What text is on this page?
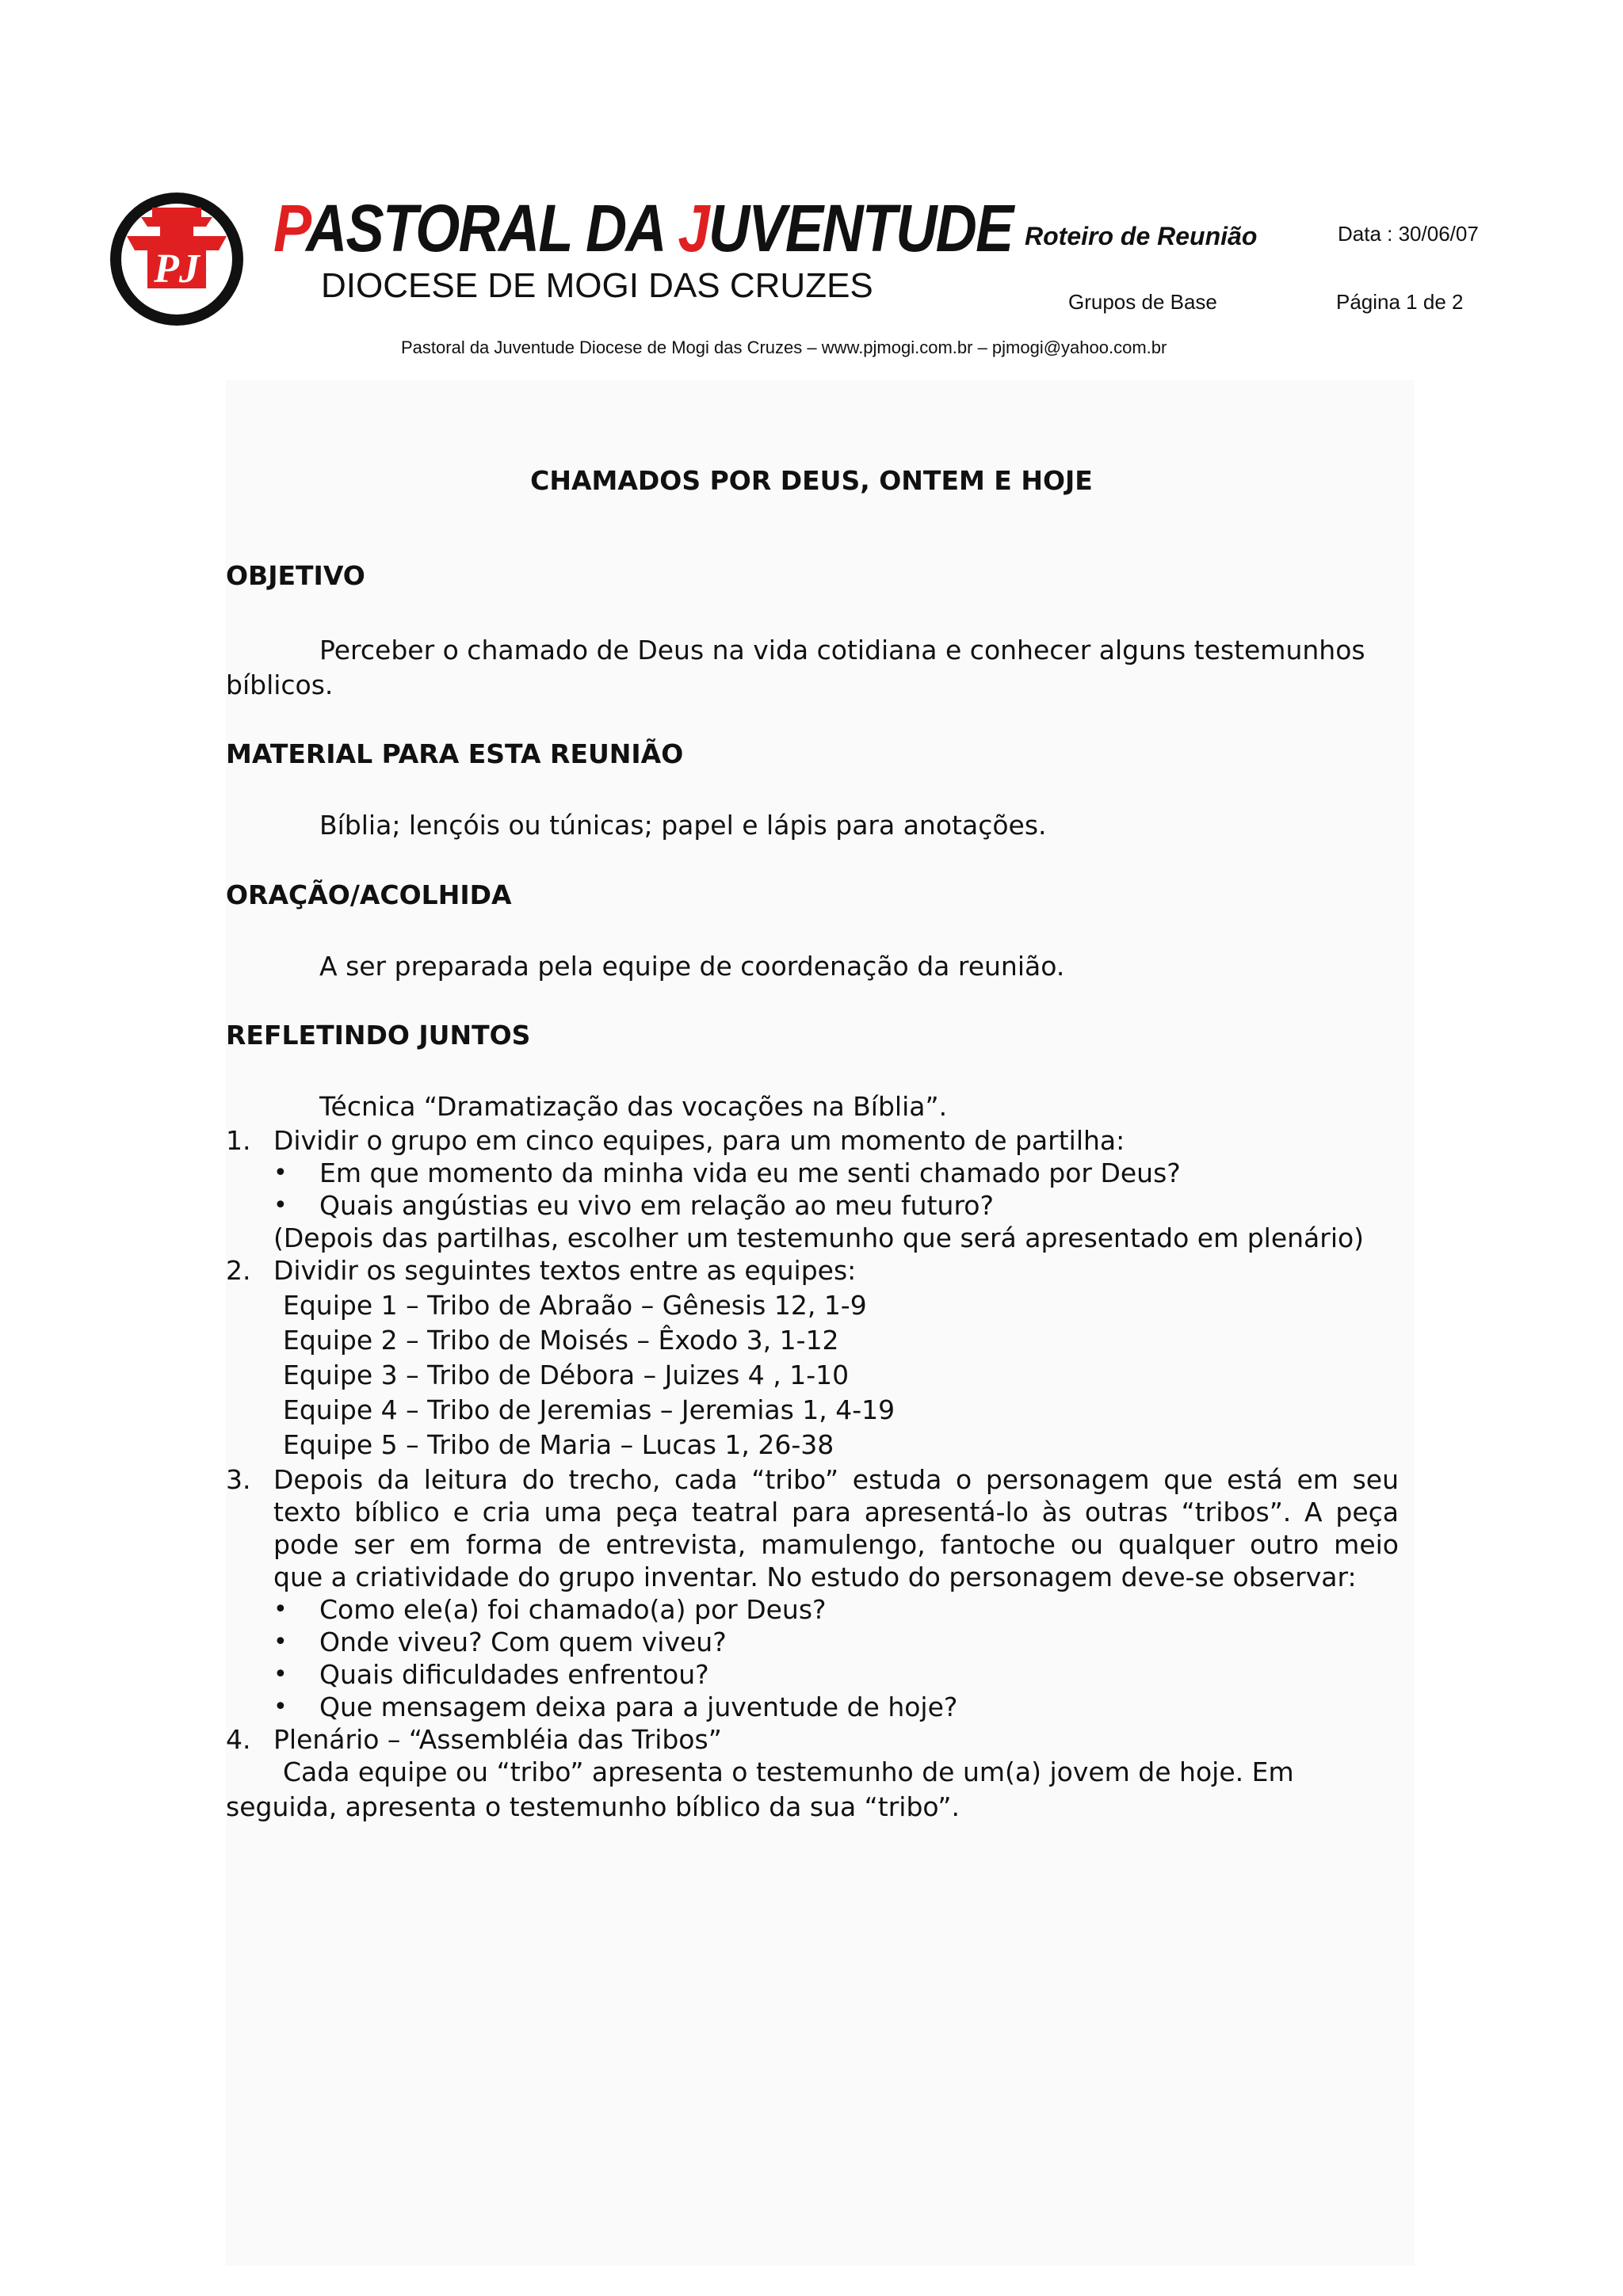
PJ
PASTORAL DA JUVENTUDE
DIOCESE DE MOGI DAS CRUZES
Roteiro de Reunião	Data : 30/06/07
Grupos de Base	Página 1 de 2
Pastoral da Juventude Diocese de Mogi das Cruzes – www.pjmogi.com.br – pjmogi@yahoo.com.br
CHAMADOS POR DEUS, ONTEM E HOJE
OBJETIVO
Perceber o chamado de Deus na vida cotidiana e conhecer alguns testemunhos
bíblicos.
MATERIAL PARA ESTA REUNIÃO
Bíblia; lençóis ou túnicas; papel e lápis para anotações.
ORAÇÃO/ACOLHIDA
A ser preparada pela equipe de coordenação da reunião.
REFLETINDO JUNTOS
Técnica “Dramatização das vocações na Bíblia”.
1. Dividir o grupo em cinco equipes, para um momento de partilha:
• Em que momento da minha vida eu me senti chamado por Deus?
• Quais angústias eu vivo em relação ao meu futuro?
(Depois das partilhas, escolher um testemunho que será apresentado em plenário)
2. Dividir os seguintes textos entre as equipes:
Equipe 1 – Tribo de Abraão – Gênesis 12, 1-9
Equipe 2 – Tribo de Moisés – Êxodo 3, 1-12
Equipe 3 – Tribo de Débora – Juizes 4 , 1-10
Equipe 4 – Tribo de Jeremias – Jeremias 1, 4-19
Equipe 5 – Tribo de Maria – Lucas 1, 26-38
3. Depois da leitura do trecho, cada “tribo” estuda o personagem que está em seu
texto bíblico e cria uma peça teatral para apresentá-lo às outras “tribos”. A peça
pode ser em forma de entrevista, mamulengo, fantoche ou qualquer outro meio
que a criatividade do grupo inventar. No estudo do personagem deve-se observar:
• Como ele(a) foi chamado(a) por Deus?
• Onde viveu? Com quem viveu?
• Quais dificuldades enfrentou?
• Que mensagem deixa para a juventude de hoje?
4. Plenário – “Assembléia das Tribos”
Cada equipe ou “tribo” apresenta o testemunho de um(a) jovem de hoje. Em
seguida, apresenta o testemunho bíblico da sua “tribo”.
